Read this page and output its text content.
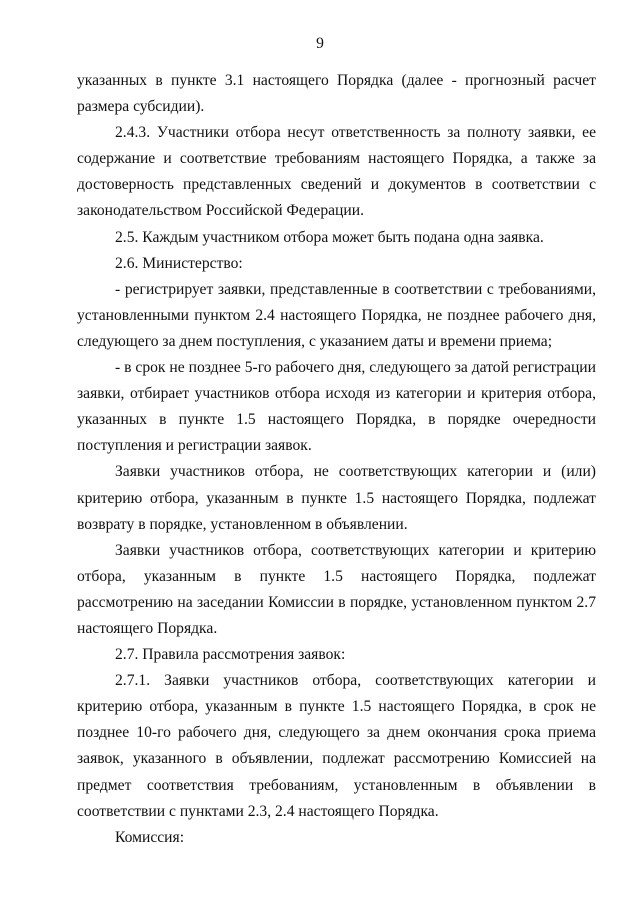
9

указанных в пункте 3.1 настоящего Порядка (далее - прогнозный расчет размера субсидии).

2.4.3. Участники отбора несут ответственность за полноту заявки, ее содержание и соответствие требованиям настоящего Порядка, а также за достоверность представленных сведений и документов в соответствии с законодательством Российской Федерации.

2.5. Каждым участником отбора может быть подана одна заявка.

2.6. Министерство:

- регистрирует заявки, представленные в соответствии с требованиями, установленными пунктом 2.4 настоящего Порядка, не позднее рабочего дня, следующего за днем поступления, с указанием даты и времени приема;

- в срок не позднее 5-го рабочего дня, следующего за датой регистрации заявки, отбирает участников отбора исходя из категории и критерия отбора, указанных в пункте 1.5 настоящего Порядка, в порядке очередности поступления и регистрации заявок.

Заявки участников отбора, не соответствующих категории и (или) критерию отбора, указанным в пункте 1.5 настоящего Порядка, подлежат возврату в порядке, установленном в объявлении.

Заявки участников отбора, соответствующих категории и критерию отбора, указанным в пункте 1.5 настоящего Порядка, подлежат рассмотрению на заседании Комиссии в порядке, установленном пунктом 2.7 настоящего Порядка.

2.7. Правила рассмотрения заявок:

2.7.1. Заявки участников отбора, соответствующих категории и критерию отбора, указанным в пункте 1.5 настоящего Порядка, в срок не позднее 10-го рабочего дня, следующего за днем окончания срока приема заявок, указанного в объявлении, подлежат рассмотрению Комиссией на предмет соответствия требованиям, установленным в объявлении в соответствии с пунктами 2.3, 2.4 настоящего Порядка.

Комиссия:
